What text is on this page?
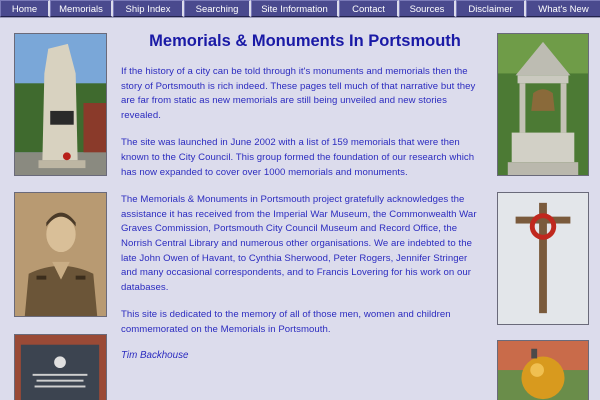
Home	Memorials	Ship Index	Searching	Site Information	Contact	Sources	Disclaimer	What's New
Memorials & Monuments In Portsmouth

If the history of a city can be told through it's monuments and memorials then the story of Portsmouth is rich indeed. These pages tell much of that narrative but they are far from static as new memorials are still being unveiled and new stories revealed.

The site was launched in June 2002 with a list of 159 memorials that were then known to the City Council. This group formed the foundation of our research which has now expanded to cover over 1000 memorials and monuments.

The Memorials & Monuments in Portsmouth project gratefully acknowledges the assistance it has received from the Imperial War Museum, the Commonwealth War Graves Commission, Portsmouth City Council Museum and Record Office, the Norrish Central Library and numerous other organisations. We are indebted to the late John Owen of Havant, to Cynthia Sherwood, Peter Rogers, Jennifer Stringer and many occasional correspondents, and to Francis Lovering for his work on our databases.

This site is dedicated to the memory of all of those men, women and children commemorated on the Memorials in Portsmouth.

Tim Backhouse
